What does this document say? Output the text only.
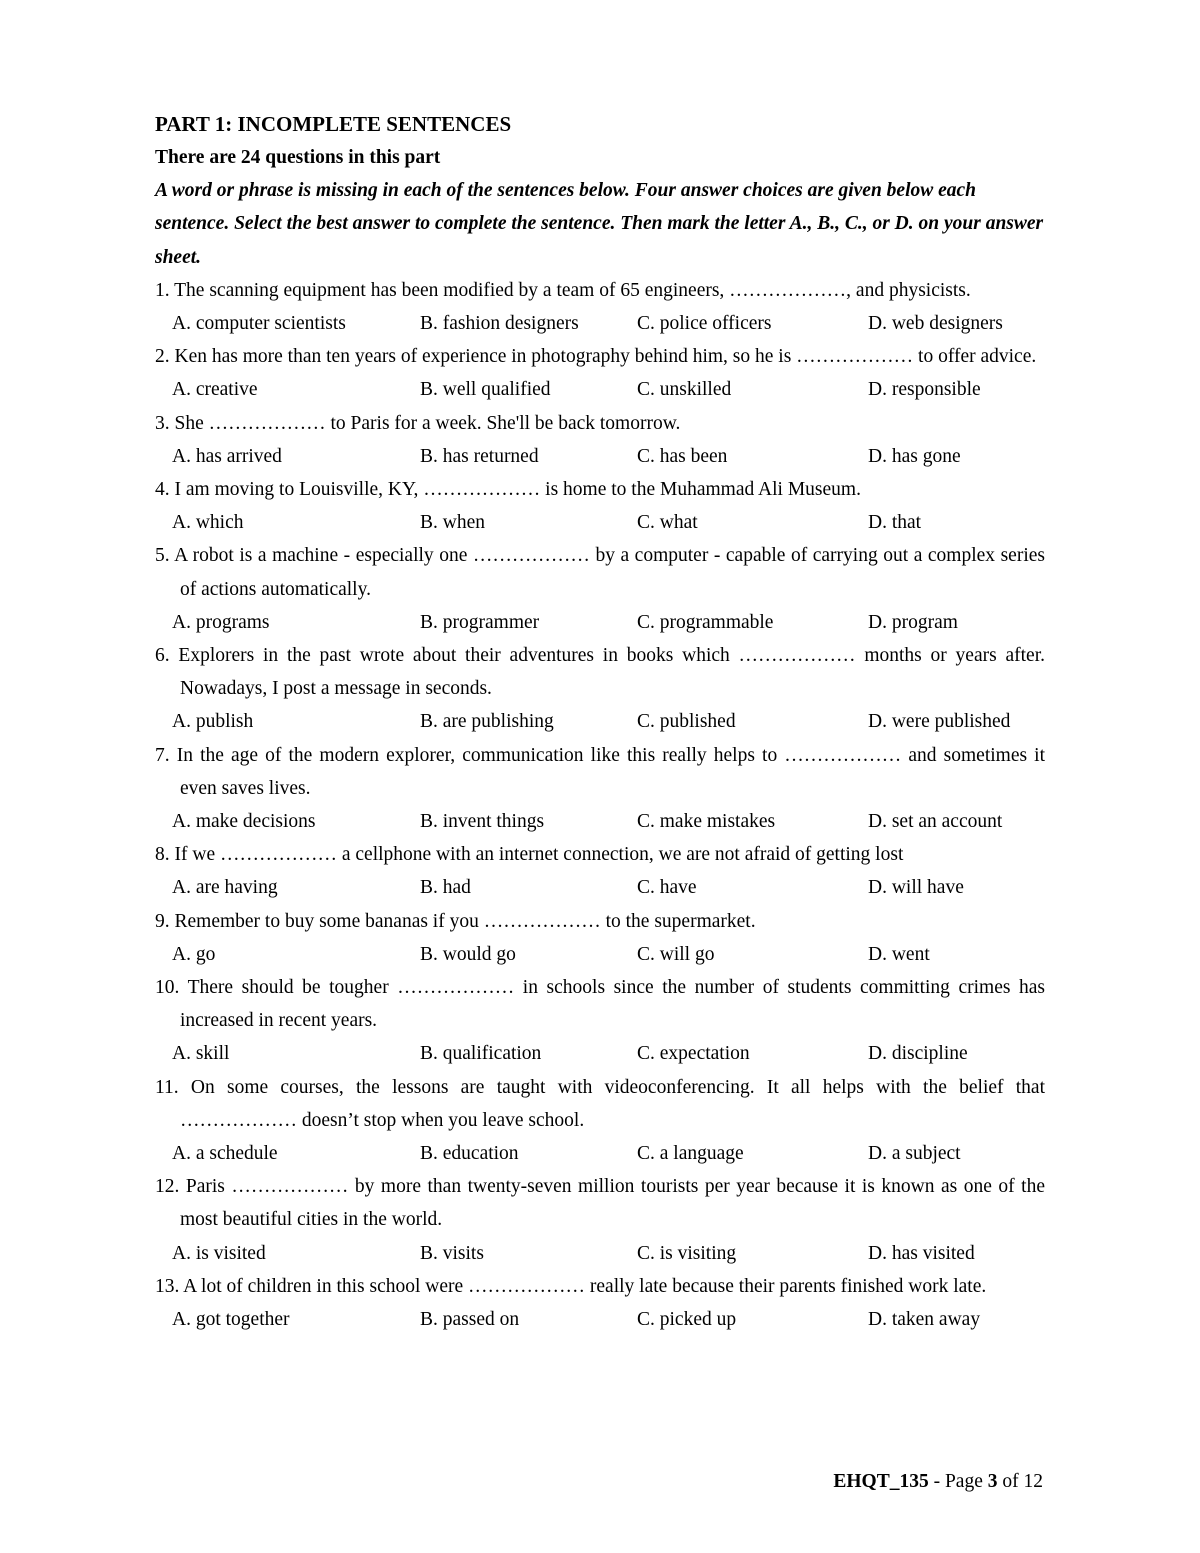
PART 1: INCOMPLETE SENTENCES
There are 24 questions in this part
A word or phrase is missing in each of the sentences below. Four answer choices are given below each sentence. Select the best answer to complete the sentence. Then mark the letter A., B., C., or D. on your answer sheet.
1. The scanning equipment has been modified by a team of 65 engineers, ………………, and physicists.
A. computer scientists	B. fashion designers	C. police officers	D. web designers
2. Ken has more than ten years of experience in photography behind him, so he is ……………… to offer advice.
A. creative	B. well qualified	C. unskilled	D. responsible
3. She ……………… to Paris for a week. She'll be back tomorrow.
A. has arrived	B. has returned	C. has been	D. has gone
4. I am moving to Louisville, KY, ……………… is home to the Muhammad Ali Museum.
A. which	B. when	C. what	D. that
5. A robot is a machine - especially one ……………… by a computer - capable of carrying out a complex series of actions automatically.
A. programs	B. programmer	C. programmable	D. program
6. Explorers in the past wrote about their adventures in books which ……………… months or years after. Nowadays, I post a message in seconds.
A. publish	B. are publishing	C. published	D. were published
7. In the age of the modern explorer, communication like this really helps to ……………… and sometimes it even saves lives.
A. make decisions	B. invent things	C. make mistakes	D. set an account
8. If we ……………… a cellphone with an internet connection, we are not afraid of getting lost
A. are having	B. had	C. have	D. will have
9. Remember to buy some bananas if you ……………… to the supermarket.
A. go	B. would go	C. will go	D. went
10. There should be tougher ……………… in schools since the number of students committing crimes has increased in recent years.
A. skill	B. qualification	C. expectation	D. discipline
11. On some courses, the lessons are taught with videoconferencing. It all helps with the belief that ……………… doesn’t stop when you leave school.
A. a schedule	B. education	C. a language	D. a subject
12. Paris ……………… by more than twenty-seven million tourists per year because it is known as one of the most beautiful cities in the world.
A. is visited	B. visits	C. is visiting	D. has visited
13. A lot of children in this school were ……………… really late because their parents finished work late.
A. got together	B. passed on	C. picked up	D. taken away
EHQT_135 - Page 3 of 12
